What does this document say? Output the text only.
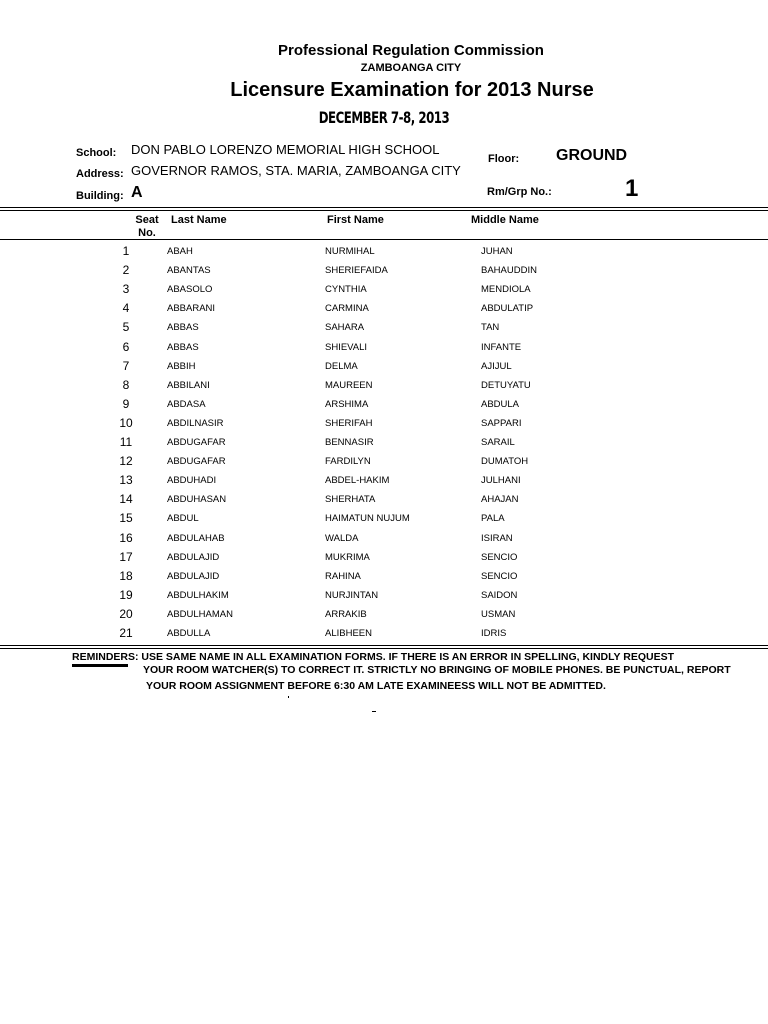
Professional Regulation Commission
ZAMBOANGA CITY
Licensure Examination for 2013 Nurse
DECEMBER 7-8, 2013
School: DON PABLO LORENZO MEMORIAL HIGH SCHOOL
Address: GOVERNOR RAMOS, STA. MARIA, ZAMBOANGA CITY
Building: A
Floor: GROUND
Rm/Grp No.:	1
Seat
No.
Last Name	First Name	Middle Name
1	ABAH	NURMIHAL	JUHAN
2	ABANTAS	SHERIEFAIDA	BAHAUDDIN
3	ABASOLO	CYNTHIA	MENDIOLA
4	ABBARANI	CARMINA	ABDULATIP
5	ABBAS	SAHARA	TAN
6	ABBAS	SHIEVALI	INFANTE
7	ABBIH	DELMA	AJIJUL
8	ABBILANI	MAUREEN	DETUYATU
9	ABDASA	ARSHIMA	ABDULA
10	ABDILNASIR	SHERIFAH	SAPPARI
11	ABDUGAFAR	BENNASIR	SARAIL
12	ABDUGAFAR	FARDILYN	DUMATOH
13	ABDUHADI	ABDEL-HAKIM	JULHANI
14	ABDUHASAN	SHERHATA	AHAJAN
15	ABDUL	HAIMATUN NUJUM	PALA
16	ABDULAHAB	WALDA	ISIRAN
17	ABDULAJID	MUKRIMA	SENCIO
18	ABDULAJID	RAHINA	SENCIO
19	ABDULHAKIM	NURJINTAN	SAIDON
20	ABDULHAMAN	ARRAKIB	USMAN
21	ABDULLA	ALIBHEEN	IDRIS
REMINDERS: USE SAME NAME IN ALL EXAMINATION FORMS. IF THERE IS AN ERROR IN SPELLING, KINDLY REQUEST
YOUR ROOM WATCHER(S) TO CORRECT IT. STRICTLY NO BRINGING OF MOBILE PHONES. BE PUNCTUAL, REPORT
YOUR ROOM ASSIGNMENT BEFORE 6:30 AM LATE EXAMINEESS WILL NOT BE ADMITTED.
